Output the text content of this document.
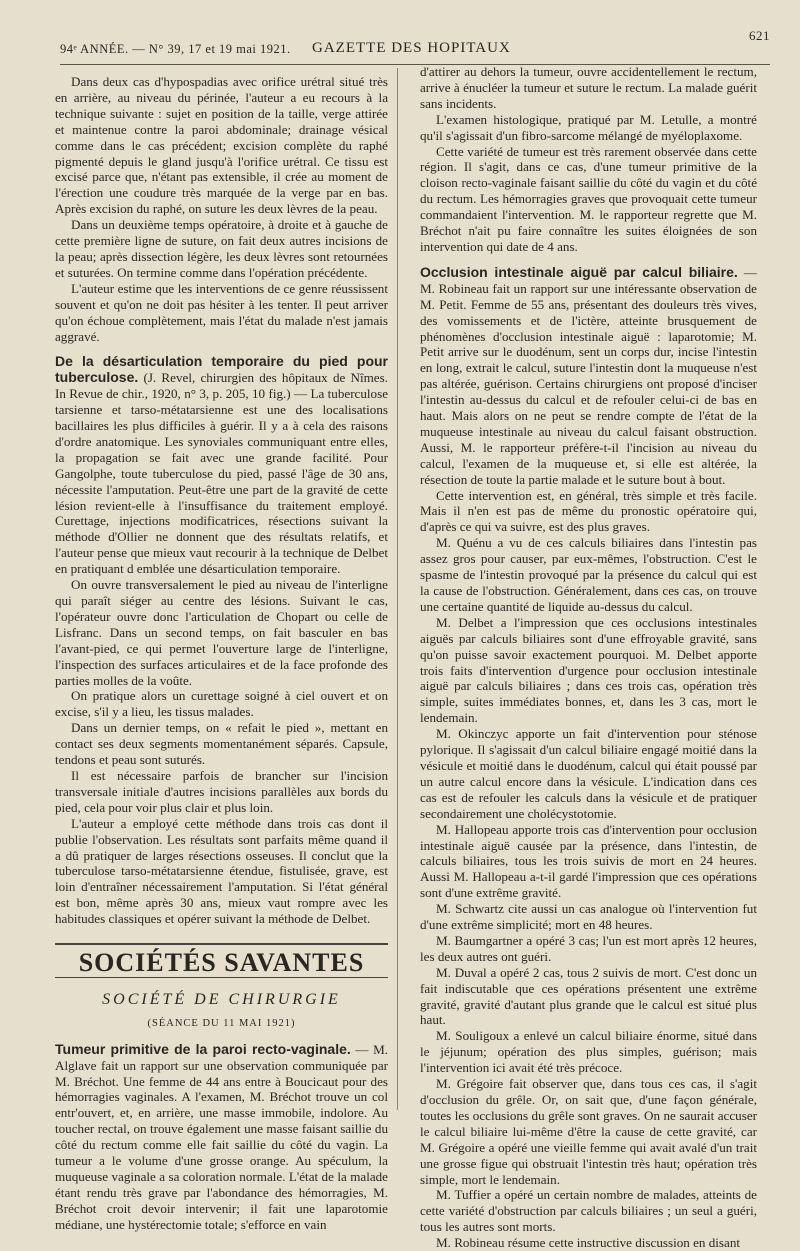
94ᵉ ANNÉE. — N° 39, 17 et 19 mai 1921. GAZETTE DES HOPITAUX
621

Dans deux cas d'hypospadias avec orifice urétral situé très en arrière, au niveau du périnée, l'auteur a eu recours à la technique suivante : sujet en position de la taille, verge attirée et maintenue contre la paroi abdominale; drainage vésical comme dans le cas précédent; excision complète du raphé pigmenté depuis le gland jusqu'à l'orifice urétral. Ce tissu est excisé parce que, n'étant pas extensible, il crée au moment de l'érection une coudure très marquée de la verge par en bas. Après excision du raphé, on suture les deux lèvres de la peau.

Dans un deuxième temps opératoire, à droite et à gauche de cette première ligne de suture, on fait deux autres incisions de la peau; après dissection légère, les deux lèvres sont retournées et suturées. On termine comme dans l'opération précédente.

L'auteur estime que les interventions de ce genre réussissent souvent et qu'on ne doit pas hésiter à les tenter. Il peut arriver qu'on échoue complètement, mais l'état du malade n'est jamais aggravé.

De la désarticulation temporaire du pied pour tuberculose. (J. Revel, chirurgien des hôpitaux de Nîmes. In Revue de chir., 1920, n° 3, p. 205, 10 fig.) — La tuberculose tarsienne et tarso-métatarsienne est une des localisations bacillaires les plus difficiles à guérir. Il y a à cela des raisons d'ordre anatomique. Les synoviales communiquant entre elles, la propagation se fait avec une grande facilité. Pour Gangolphe, toute tuberculose du pied, passé l'âge de 30 ans, nécessite l'amputation. Peut-être une part de la gravité de cette lésion revient-elle à l'insuffisance du traitement employé. Curettage, injections modificatrices, résections suivant la méthode d'Ollier ne donnent que des résultats relatifs, et l'auteur pense que mieux vaut recourir à la technique de Delbet en pratiquant d emblée une désarticulation temporaire.

On ouvre transversalement le pied au niveau de l'interligne qui paraît siéger au centre des lésions. Suivant le cas, l'opérateur ouvre donc l'articulation de Chopart ou celle de Lisfranc. Dans un second temps, on fait basculer en bas l'avant-pied, ce qui permet l'ouverture large de l'interligne, l'inspection des surfaces articulaires et de la face profonde des parties molles de la voûte.

On pratique alors un curettage soigné à ciel ouvert et on excise, s'il y a lieu, les tissus malades.

Dans un dernier temps, on « refait le pied », mettant en contact ses deux segments momentanément séparés. Capsule, tendons et peau sont suturés.

Il est nécessaire parfois de brancher sur l'incision transversale initiale d'autres incisions parallèles aux bords du pied, cela pour voir plus clair et plus loin.

L'auteur a employé cette méthode dans trois cas dont il publie l'observation. Les résultats sont parfaits même quand il a dû pratiquer de larges résections osseuses. Il conclut que la tuberculose tarso-métatarsienne étendue, fistulisée, grave, est loin d'entraîner nécessairement l'amputation. Si l'état général est bon, même après 30 ans, mieux vaut rompre avec les habitudes classiques et opérer suivant la méthode de Delbet.

SOCIÉTÉS SAVANTES
SOCIÉTÉ DE CHIRURGIE
(SÉANCE DU 11 MAI 1921)
Tumeur primitive de la paroi recto-vaginale. — M. Alglave fait un rapport sur une observation communiquée par M. Bréchot. Une femme de 44 ans entre à Boucicaut pour des hémorragies vaginales. A l'examen, M. Bréchot trouve un col entr'ouvert, et, en arrière, une masse immobile, indolore. Au toucher rectal, on trouve également une masse faisant saillie du côté du rectum comme elle fait saillie du côté du vagin. La tumeur a le volume d'une grosse orange. Au spéculum, la muqueuse vaginale a sa coloration normale. L'état de la malade étant rendu très grave par l'abondance des hémorragies, M. Bréchot croit devoir intervenir; il fait une laparotomie médiane, une hystérectomie totale; s'efforce en vain

d'attirer au dehors la tumeur, ouvre accidentellement le rectum, arrive à énucléer la tumeur et suture le rectum. La malade guérit sans incidents.

L'examen histologique, pratiqué par M. Letulle, a montré qu'il s'agissait d'un fibro-sarcome mélangé de myéloplaxome.

Cette variété de tumeur est très rarement observée dans cette région. Il s'agit, dans ce cas, d'une tumeur primitive de la cloison recto-vaginale faisant saillie du côté du vagin et du côté du rectum. Les hémorragies graves que provoquait cette tumeur commandaient l'intervention. M. le rapporteur regrette que M. Bréchot n'ait pu faire connaître les suites éloignées de son intervention qui date de 4 ans.

Occlusion intestinale aiguë par calcul biliaire. — M. Robineau fait un rapport sur une intéressante observation de M. Petit. Femme de 55 ans, présentant des douleurs très vives, des vomissements et de l'ictère, atteinte brusquement de phénomènes d'occlusion intestinale aiguë : laparotomie; M. Petit arrive sur le duodénum, sent un corps dur, incise l'intestin en long, extrait le calcul, suture l'intestin dont la muqueuse n'est pas altérée, guérison. Certains chirurgiens ont proposé d'inciser l'intestin au-dessus du calcul et de refouler celui-ci de bas en haut. Mais alors on ne peut se rendre compte de l'état de la muqueuse intestinale au niveau du calcul faisant obstruction. Aussi, M. le rapporteur préfère-t-il l'incision au niveau du calcul, l'examen de la muqueuse et, si elle est altérée, la résection de toute la partie malade et le suture bout à bout.

Cette intervention est, en général, très simple et très facile. Mais il n'en est pas de même du pronostic opératoire qui, d'après ce qui va suivre, est des plus graves.

M. Quénu a vu de ces calculs biliaires dans l'intestin pas assez gros pour causer, par eux-mêmes, l'obstruction. C'est le spasme de l'intestin provoqué par la présence du calcul qui est la cause de l'obstruction. Généralement, dans ces cas, on trouve une certaine quantité de liquide au-dessus du calcul.

M. Delbet a l'impression que ces occlusions intestinales aiguës par calculs biliaires sont d'une effroyable gravité, sans qu'on puisse savoir exactement pourquoi. M. Delbet apporte trois faits d'intervention d'urgence pour occlusion intestinale aiguë par calculs biliaires ; dans ces trois cas, opération très simple, suites immédiates bonnes, et, dans les 3 cas, mort le lendemain.

M. Okinczyc apporte un fait d'intervention pour sténose pylorique. Il s'agissait d'un calcul biliaire engagé moitié dans la vésicule et moitié dans le duodénum, calcul qui était poussé par un autre calcul encore dans la vésicule. L'indication dans ces cas est de refouler les calculs dans la vésicule et de pratiquer secondairement une cholécystotomie.

M. Hallopeau apporte trois cas d'intervention pour occlusion intestinale aiguë causée par la présence, dans l'intestin, de calculs biliaires, tous les trois suivis de mort en 24 heures. Aussi M. Hallopeau a-t-il gardé l'impression que ces opérations sont d'une extrême gravité.

M. Schwartz cite aussi un cas analogue où l'intervention fut d'une extrême simplicité; mort en 48 heures.

M. Baumgartner a opéré 3 cas; l'un est mort après 12 heures, les deux autres ont guéri.

M. Duval a opéré 2 cas, tous 2 suivis de mort. C'est donc un fait indiscutable que ces opérations présentent une extrême gravité, gravité d'autant plus grande que le calcul est situé plus haut.

M. Souligoux a enlevé un calcul biliaire énorme, situé dans le jéjunum; opération des plus simples, guérison; mais l'intervention ici avait été très précoce.

M. Grégoire fait observer que, dans tous ces cas, il s'agit d'occlusion du grêle. Or, on sait que, d'une façon générale, toutes les occlusions du grêle sont graves. On ne saurait accuser le calcul biliaire lui-même d'être la cause de cette gravité, car M. Grégoire a opéré une vieille femme qui avait avalé d'un trait une grosse figue qui obstruait l'intestin très haut; opération très simple, mort le lendemain.

M. Tuffier a opéré un certain nombre de malades, atteints de cette variété d'obstruction par calculs biliaires ; un seul a guéri, tous les autres sont morts.

M. Robineau résume cette instructive discussion en disant
